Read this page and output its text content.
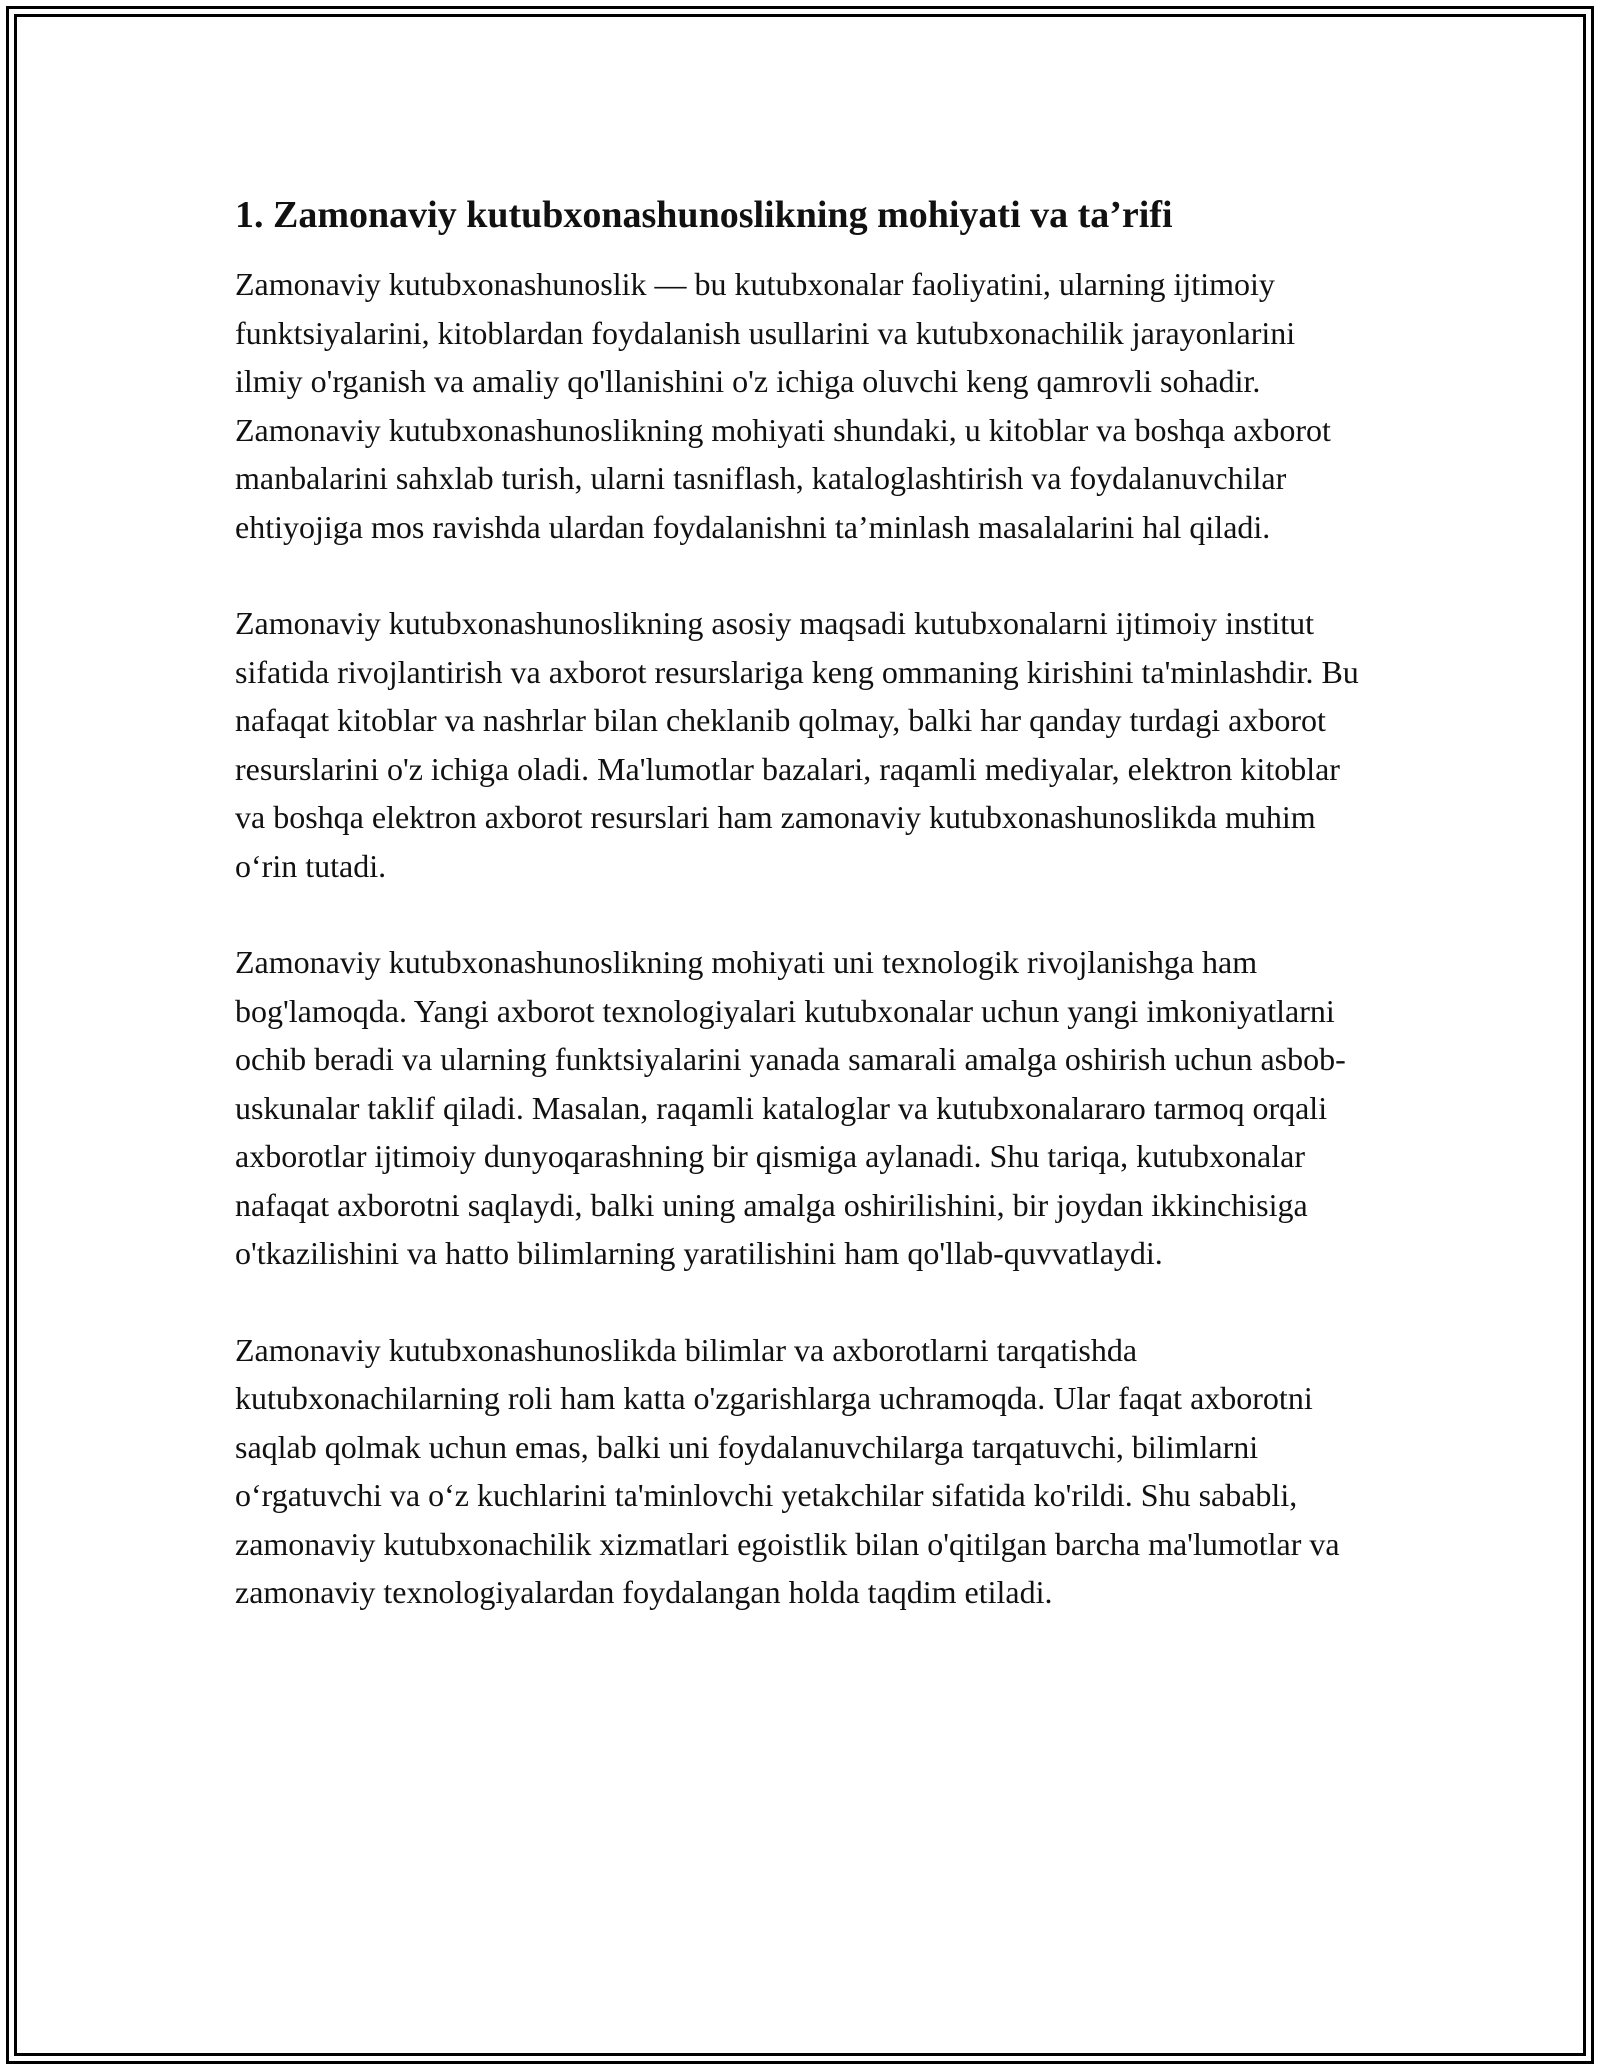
1. Zamonaviy kutubxonashunoslikning mohiyati va ta’rifi

Zamonaviy kutubxonashunoslik — bu kutubxonalar faoliyatini, ularning ijtimoiy funktsiyalarini, kitoblardan foydalanish usullarini va kutubxonachilik jarayonlarini ilmiy o'rganish va amaliy qo'llanishini o'z ichiga oluvchi keng qamrovli sohadir. Zamonaviy kutubxonashunoslikning mohiyati shundaki, u kitoblar va boshqa axborot manbalarini sahxlab turish, ularni tasniflash, kataloglashtirish va foydalanuvchilar ehtiyojiga mos ravishda ulardan foydalanishni ta’minlash masalalarini hal qiladi.

Zamonaviy kutubxonashunoslikning asosiy maqsadi kutubxonalarni ijtimoiy institut sifatida rivojlantirish va axborot resurslariga keng ommaning kirishini ta'minlashdir. Bu nafaqat kitoblar va nashrlar bilan cheklanib qolmay, balki har qanday turdagi axborot resurslarini o'z ichiga oladi. Ma'lumotlar bazalari, raqamli mediyalar, elektron kitoblar va boshqa elektron axborot resurslari ham zamonaviy kutubxonashunoslikda muhim o‘rin tutadi.

Zamonaviy kutubxonashunoslikning mohiyati uni texnologik rivojlanishga ham bog'lamoqda. Yangi axborot texnologiyalari kutubxonalar uchun yangi imkoniyatlarni ochib beradi va ularning funktsiyalarini yanada samarali amalga oshirish uchun asbob-uskunalar taklif qiladi. Masalan, raqamli kataloglar va kutubxonalararo tarmoq orqali axborotlar ijtimoiy dunyoqarashning bir qismiga aylanadi. Shu tariqa, kutubxonalar nafaqat axborotni saqlaydi, balki uning amalga oshirilishini, bir joydan ikkinchisiga o'tkazilishini va hatto bilimlarning yaratilishini ham qo'llab-quvvatlaydi.

Zamonaviy kutubxonashunoslikda bilimlar va axborotlarni tarqatishda kutubxonachilarning roli ham katta o'zgarishlarga uchramoqda. Ular faqat axborotni saqlab qolmak uchun emas, balki uni foydalanuvchilarga tarqatuvchi, bilimlarni o‘rgatuvchi va o‘z kuchlarini ta'minlovchi yetakchilar sifatida ko'rildi. Shu sababli, zamonaviy kutubxonachilik xizmatlari egoistlik bilan o'qitilgan barcha ma'lumotlar va zamonaviy texnologiyalardan foydalangan holda taqdim etiladi.
